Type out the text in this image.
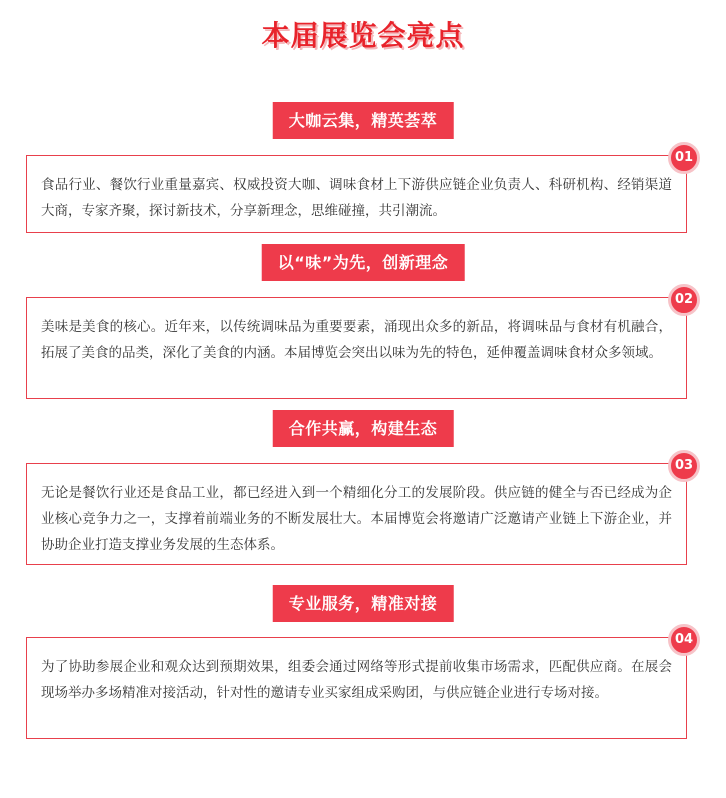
本届展览会亮点
大咖云集，精英荟萃
01
食品行业、餐饮行业重量嘉宾、权威投资大咖、调味食材上下游供应链企业负责人、科研机构、经销渠道大商，专家齐聚，探讨新技术，分享新理念，思维碰撞，共引潮流。
以“味”为先，创新理念
02
美味是美食的核心。近年来，以传统调味品为重要要素，涌现出众多的新品，将调味品与食材有机融合，拓展了美食的品类，深化了美食的内涵。本届博览会突出以味为先的特色，延伸覆盖调味食材众多领域。
合作共赢，构建生态
03
无论是餐饮行业还是食品工业，都已经进入到一个精细化分工的发展阶段。供应链的健全与否已经成为企业核心竞争力之一，支撑着前端业务的不断发展壮大。本届博览会将邀请广泛邀请产业链上下游企业，并协助企业打造支撑业务发展的生态体系。
专业服务，精准对接
04
为了协助参展企业和观众达到预期效果，组委会通过网络等形式提前收集市场需求，匹配供应商。在展会现场举办多场精准对接活动，针对性的邀请专业买家组成采购团，与供应链企业进行专场对接。
